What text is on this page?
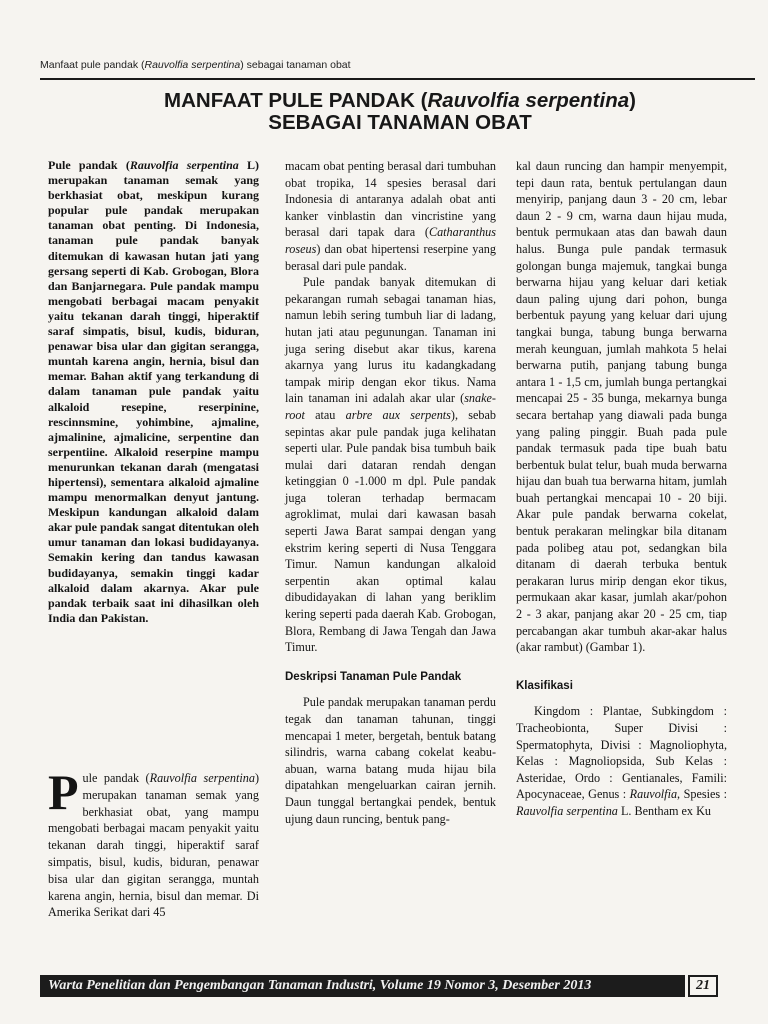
Manfaat pule pandak (Rauvolfia serpentina) sebagai tanaman obat
MANFAAT PULE PANDAK (Rauvolfia serpentina)
SEBAGAI TANAMAN OBAT

Pule pandak (Rauvolfia serpentina L) merupakan tanaman semak yang berkhasiat obat, meskipun kurang popular pule pandak merupakan tanaman obat penting. Di Indonesia, tanaman pule pandak banyak ditemukan di kawasan hutan jati yang gersang seperti di Kab. Grobogan, Blora dan Banjarnegara. Pule pandak mampu mengobati berbagai macam penyakit yaitu tekanan darah tinggi, hiperaktif saraf simpatis, bisul, kudis, biduran, penawar bisa ular dan gigitan serangga, muntah karena angin, hernia, bisul dan memar. Bahan aktif yang terkandung di dalam tanaman pule pandak yaitu alkaloid resepine, reserpinine, rescinnsmine, yohimbine, ajmaline, ajmalinine, ajmalicine, serpentine dan serpentiine. Alkaloid reserpine mampu menurunkan tekanan darah (mengatasi hipertensi), sementara alkaloid ajmaline mampu menormalkan denyut jantung. Meskipun kandungan alkaloid dalam akar pule pandak sangat ditentukan oleh umur tanaman dan lokasi budidayanya. Semakin kering dan tandus kawasan budidayanya, semakin tinggi kadar alkaloid dalam akarnya. Akar pule pandak terbaik saat ini dihasilkan oleh India dan Pakistan.

Pule pandak (Rauvolfia serpentina) merupakan tanaman semak yang berkhasiat obat, yang mampu mengobati berbagai macam penyakit yaitu tekanan darah tinggi, hiperaktif saraf simpatis, bisul, kudis, biduran, penawar bisa ular dan gigitan serangga, muntah karena angin, hernia, bisul dan memar. Di Amerika Serikat dari 45

macam obat penting berasal dari tumbuhan obat tropika, 14 spesies berasal dari Indonesia di antaranya adalah obat anti kanker vinblastin dan vincristine yang berasal dari tapak dara (Catharanthus roseus) dan obat hipertensi reserpine yang berasal dari pule pandak.

Pule pandak banyak ditemukan di pekarangan rumah sebagai tanaman hias, namun lebih sering tumbuh liar di ladang, hutan jati atau pegunungan. Tanaman ini juga sering disebut akar tikus, karena akarnya yang lurus itu kadangkadang tampak mirip dengan ekor tikus. Nama lain tanaman ini adalah akar ular (snake-root atau arbre aux serpents), sebab sepintas akar pule pandak juga kelihatan seperti ular. Pule pandak bisa tumbuh baik mulai dari dataran rendah dengan ketinggian 0 -1.000 m dpl. Pule pandak juga toleran terhadap bermacam agroklimat, mulai dari kawasan basah seperti Jawa Barat sampai dengan yang ekstrim kering seperti di Nusa Tenggara Timur. Namun kandungan alkaloid serpentin akan optimal kalau dibudidayakan di lahan yang beriklim kering seperti pada daerah Kab. Grobogan, Blora, Rembang di Jawa Tengah dan Jawa Timur.

Deskripsi Tanaman Pule Pandak

Pule pandak merupakan tanaman perdu tegak dan tanaman tahunan, tinggi mencapai 1 meter, bergetah, bentuk batang silindris, warna cabang cokelat keabu-abuan, warna batang muda hijau bila dipatahkan mengeluarkan cairan jernih. Daun tunggal bertangkai pendek, bentuk ujung daun runcing, bentuk pang-

kal daun runcing dan hampir menyempit, tepi daun rata, bentuk pertulangan daun menyirip, panjang daun 3 - 20 cm, lebar daun 2 - 9 cm, warna daun hijau muda, bentuk permukaan atas dan bawah daun halus. Bunga pule pandak termasuk golongan bunga majemuk, tangkai bunga berwarna hijau yang keluar dari ketiak daun paling ujung dari pohon, bunga berbentuk payung yang keluar dari ujung tangkai bunga, tabung bunga berwarna merah keunguan, jumlah mahkota 5 helai berwarna putih, panjang tabung bunga antara 1 - 1,5 cm, jumlah bunga pertangkai mencapai 25 - 35 bunga, mekarnya bunga secara bertahap yang diawali pada bunga yang paling pinggir. Buah pada pule pandak termasuk pada tipe buah batu berbentuk bulat telur, buah muda berwarna hijau dan buah tua berwarna hitam, jumlah buah pertangkai mencapai 10 - 20 biji. Akar pule pandak berwarna cokelat, bentuk perakaran melingkar bila ditanam pada polibeg atau pot, sedangkan bila ditanam di daerah terbuka bentuk perakaran lurus mirip dengan ekor tikus, permukaan akar kasar, jumlah akar/pohon 2 - 3 akar, panjang akar 20 - 25 cm, tiap percabangan akar tumbuh akar-akar halus (akar rambut) (Gambar 1).

Klasifikasi

Kingdom : Plantae, Subkingdom : Tracheobionta, Super Divisi : Spermatophyta, Divisi : Magnoliophyta, Kelas : Magnoliopsida, Sub Kelas : Asteridae, Ordo : Gentianales, Famili: Apocynaceae, Genus : Rauvolfia, Spesies : Rauvolfia serpentina L. Bentham ex Ku

Warta Penelitian dan Pengembangan Tanaman Industri, Volume 19 Nomor 3, Desember 2013	21
